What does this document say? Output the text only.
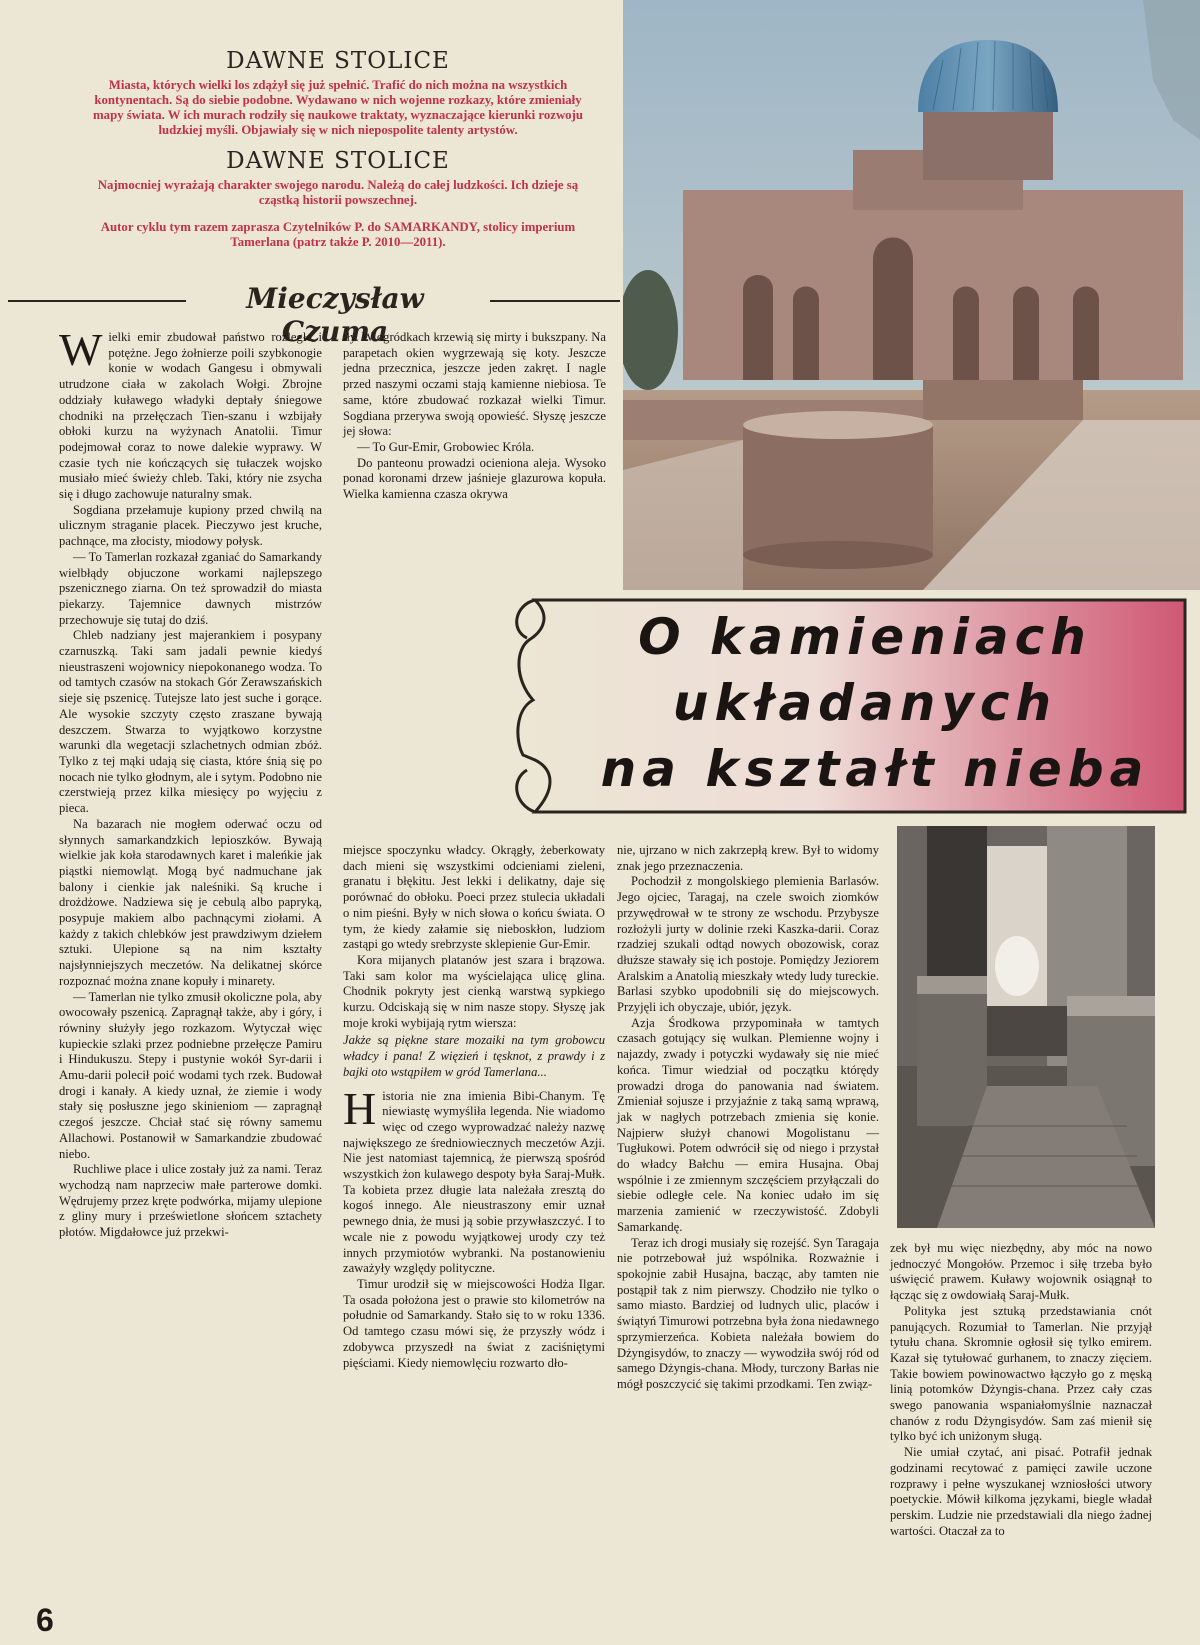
DAWNE STOLICE
Miasta, których wielki los zdążył się już spełnić. Trafić do nich można na wszystkich kontynentach. Są do siebie podobne. Wydawano w nich wojenne rozkazy, które zmieniały mapy świata. W ich murach rodziły się naukowe traktaty, wyznaczające kierunki rozwoju ludzkiej myśli. Objawiały się w nich niepospolite talenty artystów.
DAWNE STOLICE
Najmocniej wyrażają charakter swojego narodu. Należą do całej ludzkości. Ich dzieje są cząstką historii powszechnej.
Autor cyklu tym razem zaprasza Czytelników P. do SAMARKANDY, stolicy imperium Tamerlana (patrz także P. 2010—2011).
Mieczysław Czuma
O kamieniach
układanych
na kształt nieba

Wielki emir zbudował państwo rozległe i potężne. Jego żołnierze poili szybkonogie konie w wodach Gangesu i obmywali utrudzone ciała w zakolach Wołgi. Zbrojne oddziały kuławego władyki deptały śniegowe chodniki na przełęczach Tien-szanu i wzbijały obłoki kurzu na wyżynach Anatolii. Timur podejmował coraz to nowe dalekie wyprawy. W czasie tych nie kończących się tułaczek wojsko musiało mieć świeży chleb. Taki, który nie zsycha się i długo zachowuje naturalny smak.

Sogdiana przełamuje kupiony przed chwilą na ulicznym straganie placek. Pieczywo jest kruche, pachnące, ma złocisty, miodowy połysk.

— To Tamerlan rozkazał zganiać do Samarkandy wielbłądy objuczone workami najlepszego pszenicznego ziarna. On też sprowadził do miasta piekarzy. Tajemnice dawnych mistrzów przechowuje się tutaj do dziś.

Chleb nadziany jest majerankiem i posypany czarnuszką. Taki sam jadali pewnie kiedyś nieustraszeni wojownicy niepokonanego wodza. To od tamtych czasów na stokach Gór Zerawszańskich sieje się pszenicę. Tutejsze lato jest suche i gorące. Ale wysokie szczyty często zraszane bywają deszczem. Stwarza to wyjątkowo korzystne warunki dla wegetacji szlachetnych odmian zbóż. Tylko z tej mąki udają się ciasta, które śnią się po nocach nie tylko głodnym, ale i sytym. Podobno nie czerstwieją przez kilka miesięcy po wyjęciu z pieca.

Na bazarach nie mogłem oderwać oczu od słynnych samarkandzkich lepioszków. Bywają wielkie jak koła starodawnych karet i maleńkie jak piąstki niemowląt. Mogą być nadmuchane jak balony i cienkie jak naleśniki. Są kruche i drożdżowe. Nadziewa się je cebulą albo papryką, posypuje makiem albo pachnącymi ziołami. A każdy z takich chlebków jest prawdziwym dziełem sztuki. Ulepione są na nim kształty najsłynniejszych meczetów. Na delikatnej skórce rozpoznać można znane kopuły i minarety.

— Tamerlan nie tylko zmusił okoliczne pola, aby owocowały pszenicą. Zapragnął także, aby i góry, i równiny służyły jego rozkazom. Wytyczał więc kupieckie szlaki przez podniebne przełęcze Pamiru i Hindukuszu. Stepy i pustynie wokół Syr-darii i Amu-darii polecił poić wodami tych rzek. Budował drogi i kanały. A kiedy uznał, że ziemie i wody stały się posłuszne jego skinieniom — zapragnął czegoś jeszcze. Chciał stać się równy samemu Allachowi. Postanowił w Samarkandzie zbudować niebo.

Ruchliwe place i ulice zostały już za nami. Teraz wychodzą nam naprzeciw małe parterowe domki. Wędrujemy przez kręte podwórka, mijamy ulepione z gliny mury i prześwietlone słońcem sztachety płotów. Migdałowce już przekwi-

tły. W ogródkach krzewią się mirty i bukszpany. Na parapetach okien wygrzewają się koty. Jeszcze jedna przecznica, jeszcze jeden zakręt. I nagle przed naszymi oczami stają kamienne niebiosa. Te same, które zbudować rozkazał wielki Timur. Sogdiana przerywa swoją opowieść. Słyszę jeszcze jej słowa:

— To Gur-Emir, Grobowiec Króla.

Do panteonu prowadzi ocieniona aleja. Wysoko ponad koronami drzew jaśnieje glazurowa kopuła. Wielka kamienna czasza okrywa

miejsce spoczynku władcy. Okrągły, żeberkowaty dach mieni się wszystkimi odcieniami zieleni, granatu i błękitu. Jest lekki i delikatny, daje się porównać do obłoku. Poeci przez stulecia układali o nim pieśni. Były w nich słowa o końcu świata. O tym, że kiedy załamie się nieboskłon, ludziom zastąpi go wtedy srebrzyste sklepienie Gur-Emir.

Kora mijanych platanów jest szara i brązowa. Taki sam kolor ma wyścielająca ulicę glina. Chodnik pokryty jest cienką warstwą sypkiego kurzu. Odciskają się w nim nasze stopy. Słyszę jak moje kroki wybijają rytm wiersza:

Jakże są piękne stare mozaiki na tym grobowcu władcy i pana! Z więzień i tęsknot, z prawdy i z bajki oto wstąpiłem w gród Tamerlana...

Historia nie zna imienia Bibi-Chanym. Tę niewiastę wymyśliła legenda. Nie wiadomo więc od czego wyprowadzać należy nazwę największego ze średniowiecznych meczetów Azji. Nie jest natomiast tajemnicą, że pierwszą spośród wszystkich żon kulawego despoty była Saraj-Mułk. Ta kobieta przez długie lata należała zresztą do kogoś innego. Ale nieustraszony emir uznał pewnego dnia, że musi ją sobie przywłaszczyć. I to wcale nie z powodu wyjątkowej urody czy też innych przymiotów wybranki. Na postanowieniu zaważyły względy polityczne.

Timur urodził się w miejscowości Hodża Ilgar. Ta osada położona jest o prawie sto kilometrów na południe od Samarkandy. Stało się to w roku 1336. Od tamtego czasu mówi się, że przyszły wódz i zdobywca przyszedł na świat z zaciśniętymi pięściami. Kiedy niemowlęciu rozwarto dło-

nie, ujrzano w nich zakrzepłą krew. Był to widomy znak jego przeznaczenia.

Pochodził z mongolskiego plemienia Barlasów. Jego ojciec, Taragaj, na czele swoich ziomków przywędrował w te strony ze wschodu. Przybysze rozłożyli jurty w dolinie rzeki Kaszka-darii. Coraz rzadziej szukali odtąd nowych obozowisk, coraz dłuższe stawały się ich postoje. Pomiędzy Jeziorem Aralskim a Anatolią mieszkały wtedy ludy tureckie. Barlasi szybko upodobnili się do miejscowych. Przyjęli ich obyczaje, ubiór, język.

Azja Środkowa przypominała w tamtych czasach gotujący się wulkan. Plemienne wojny i najazdy, zwady i potyczki wydawały się nie mieć końca. Timur wiedział od początku którędy prowadzi droga do panowania nad światem. Zmieniał sojusze i przyjaźnie z taką samą wprawą, jak w nagłych potrzebach zmienia się konie. Najpierw służył chanowi Mogolistanu — Tugłukowi. Potem odwrócił się od niego i przystał do władcy Bałchu — emira Husajna. Obaj wspólnie i ze zmiennym szczęściem przyłączali do siebie odległe cele. Na koniec udało im się marzenia zamienić w rzeczywistość. Zdobyli Samarkandę.

Teraz ich drogi musiały się rozejść. Syn Taragaja nie potrzebował już wspólnika. Rozważnie i spokojnie zabił Husajna, bacząc, aby tamten nie postąpił tak z nim pierwszy. Chodziło nie tylko o samo miasto. Bardziej od ludnych ulic, placów i świątyń Timurowi potrzebna była żona niedawnego sprzymierzeńca. Kobieta należała bowiem do Dżyngisydów, to znaczy — wywodziła swój ród od samego Dżyngis-chana. Młody, turczony Barłas nie mógł poszczycić się takimi przodkami. Ten związ-

zek był mu więc niezbędny, aby móc na nowo jednoczyć Mongołów. Przemoc i siłę trzeba było uświęcić prawem. Kuławy wojownik osiągnął to łącząc się z owdowiałą Saraj-Mułk.

Polityka jest sztuką przedstawiania cnót panujących. Rozumiał to Tamerlan. Nie przyjął tytułu chana. Skromnie ogłosił się tylko emirem. Kazał się tytułować gurhanem, to znaczy zięciem. Takie bowiem powinowactwo łączyło go z męską linią potomków Dżyngis-chana. Przez cały czas swego panowania wspaniałomyślnie naznaczał chanów z rodu Dżyngisydów. Sam zaś mienił się tylko być ich uniżonym sługą.

Nie umiał czytać, ani pisać. Potrafił jednak godzinami recytować z pamięci zawile uczone rozprawy i pełne wyszukanej wzniosłości utwory poetyckie. Mówił kilkoma językami, biegle władał perskim. Ludzie nie przedstawiali dla niego żadnej wartości. Otaczał za to

6
